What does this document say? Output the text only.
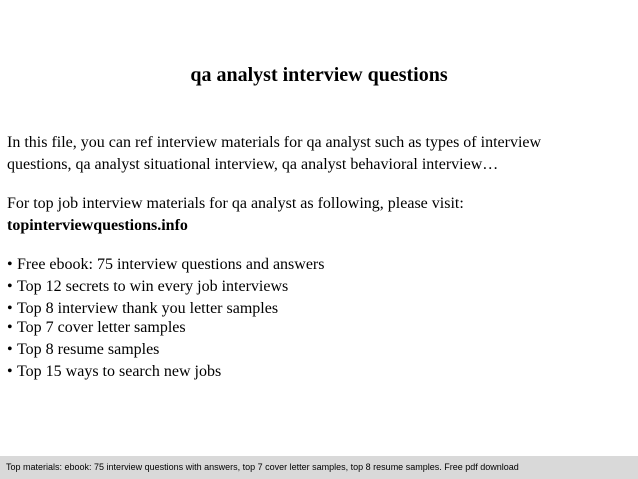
qa analyst interview questions
In this file, you can ref interview materials for qa analyst such as types of interview
questions, qa analyst situational interview, qa analyst behavioral interview…
For top job interview materials for qa analyst as following, please visit:
topinterviewquestions.info
• Free ebook: 75 interview questions and answers
• Top 12 secrets to win every job interviews
• Top 8 interview thank you letter samples
• Top 7 cover letter samples
• Top 8 resume samples
• Top 15 ways to search new jobs
Top materials: ebook: 75 interview questions with answers, top 7 cover letter samples, top 8 resume samples. Free pdf download
